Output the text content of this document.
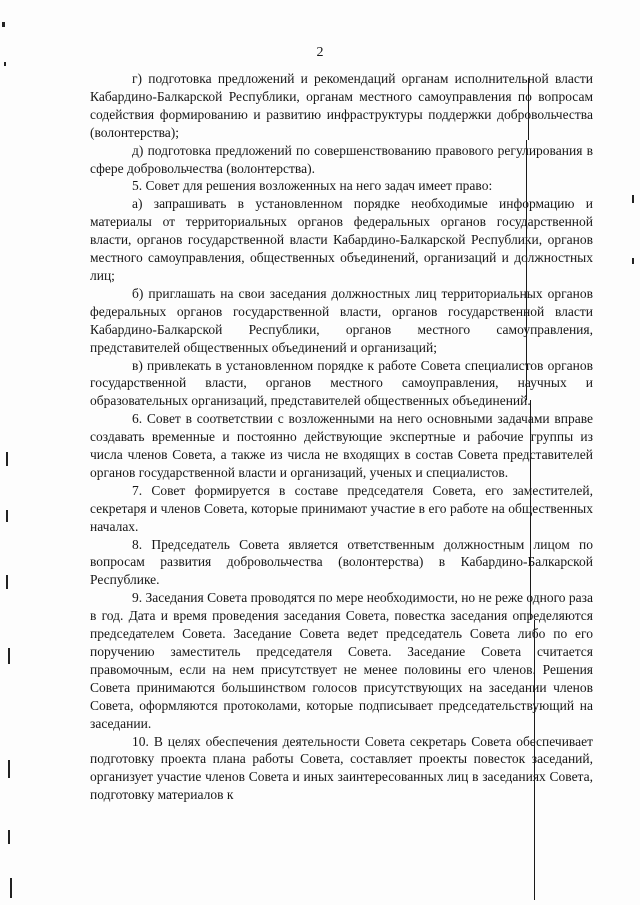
2

г) подготовка предложений и рекомендаций органам исполнительной власти Кабардино-Балкарской Республики, органам местного самоуправления по вопросам содействия формированию и развитию инфраструктуры поддержки добровольчества (волонтерства);

д) подготовка предложений по совершенствованию правового регулирования в сфере добровольчества (волонтерства).

5. Совет для решения возложенных на него задач имеет право:

а) запрашивать в установленном порядке необходимые информацию и материалы от территориальных органов федеральных органов государственной власти, органов государственной власти Кабардино-Балкарской Республики, органов местного самоуправления, общественных объединений, организаций и должностных лиц;

б) приглашать на свои заседания должностных лиц территориальных органов федеральных органов государственной власти, органов государственной власти Кабардино-Балкарской Республики, органов местного самоуправления, представителей общественных объединений и организаций;

в) привлекать в установленном порядке к работе Совета специалистов органов государственной власти, органов местного самоуправления, научных и образовательных организаций, представителей общественных объединений.

6. Совет в соответствии с возложенными на него основными задачами вправе создавать временные и постоянно действующие экспертные и рабочие группы из числа членов Совета, а также из числа не входящих в состав Совета представителей органов государственной власти и организаций, ученых и специалистов.

7. Совет формируется в составе председателя Совета, его заместителей, секретаря и членов Совета, которые принимают участие в его работе на общественных началах.

8. Председатель Совета является ответственным должностным лицом по вопросам развития добровольчества (волонтерства) в Кабардино-Балкарской Республике.

9. Заседания Совета проводятся по мере необходимости, но не реже одного раза в год. Дата и время проведения заседания Совета, повестка заседания определяются председателем Совета. Заседание Совета ведет председатель Совета либо по его поручению заместитель председателя Совета. Заседание Совета считается правомочным, если на нем присутствует не менее половины его членов. Решения Совета принимаются большинством голосов присутствующих на заседании членов Совета, оформляются протоколами, которые подписывает председательствующий на заседании.

10. В целях обеспечения деятельности Совета секретарь Совета обеспечивает подготовку проекта плана работы Совета, составляет проекты повесток заседаний, организует участие членов Совета и иных заинтересованных лиц в заседаниях Совета, подготовку материалов к
